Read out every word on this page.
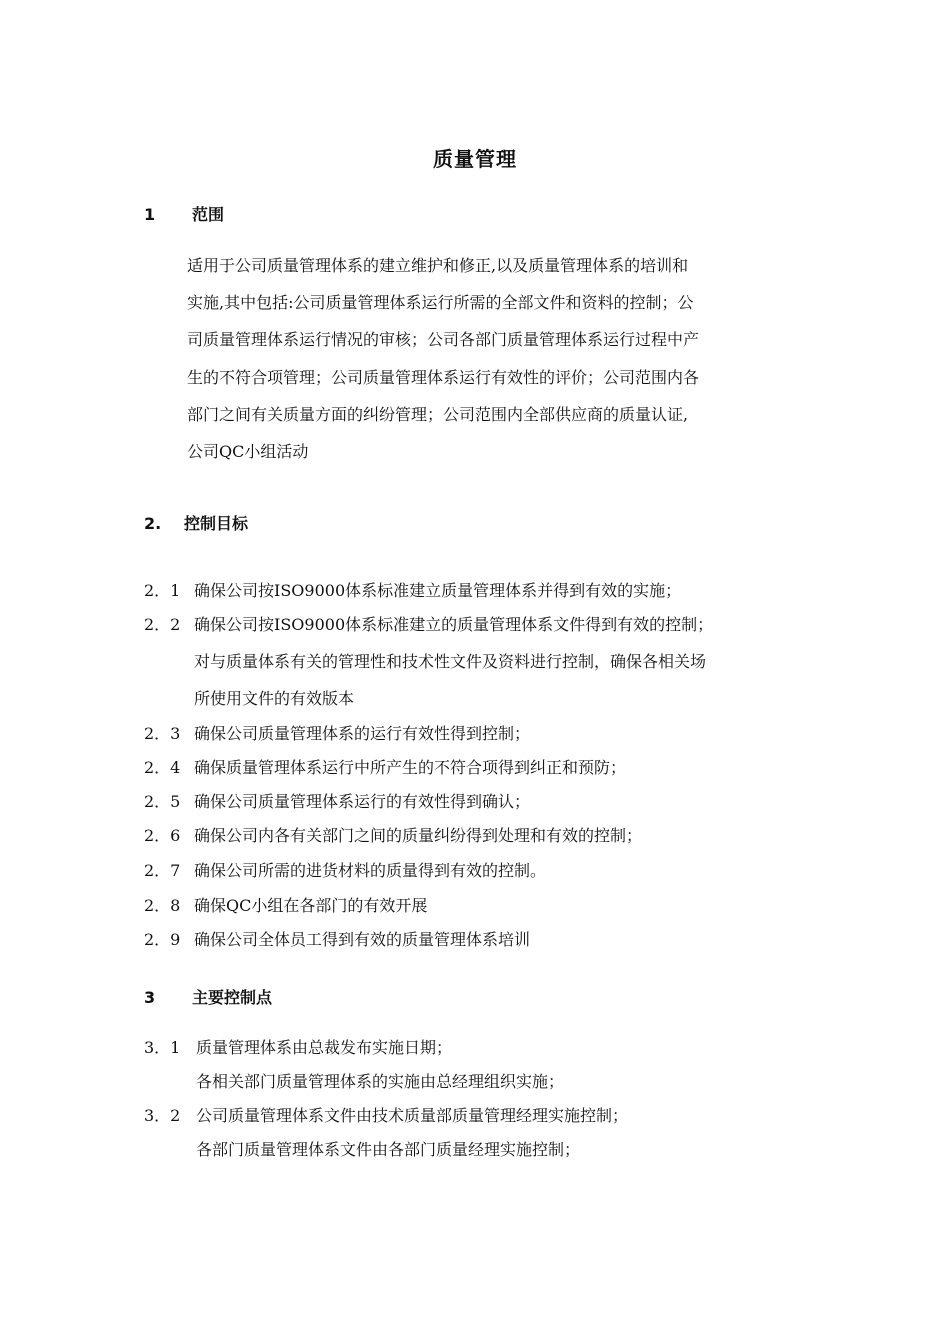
质量管理
1 范围
适用于公司质量管理体系的建立维护和修正,以及质量管理体系的培训和
实施,其中包括:公司质量管理体系运行所需的全部文件和资料的控制；公
司质量管理体系运行情况的审核；公司各部门质量管理体系运行过程中产
生的不符合项管理；公司质量管理体系运行有效性的评价；公司范围内各
部门之间有关质量方面的纠纷管理；公司范围内全部供应商的质量认证,
公司QC小组活动
2. 控制目标
2．1 确保公司按ISO9000体系标准建立质量管理体系并得到有效的实施；
2．2 确保公司按ISO9000体系标准建立的质量管理体系文件得到有效的控制；
对与质量体系有关的管理性和技术性文件及资料进行控制，确保各相关场
所使用文件的有效版本
2．3 确保公司质量管理体系的运行有效性得到控制；
2．4 确保质量管理体系运行中所产生的不符合项得到纠正和预防；
2．5 确保公司质量管理体系运行的有效性得到确认；
2．6 确保公司内各有关部门之间的质量纠纷得到处理和有效的控制；
2．7 确保公司所需的进货材料的质量得到有效的控制。
2．8 确保QC小组在各部门的有效开展
2．9 确保公司全体员工得到有效的质量管理体系培训
3 主要控制点
3．1 质量管理体系由总裁发布实施日期；
各相关部门质量管理体系的实施由总经理组织实施；
3．2 公司质量管理体系文件由技术质量部质量管理经理实施控制；
各部门质量管理体系文件由各部门质量经理实施控制；
